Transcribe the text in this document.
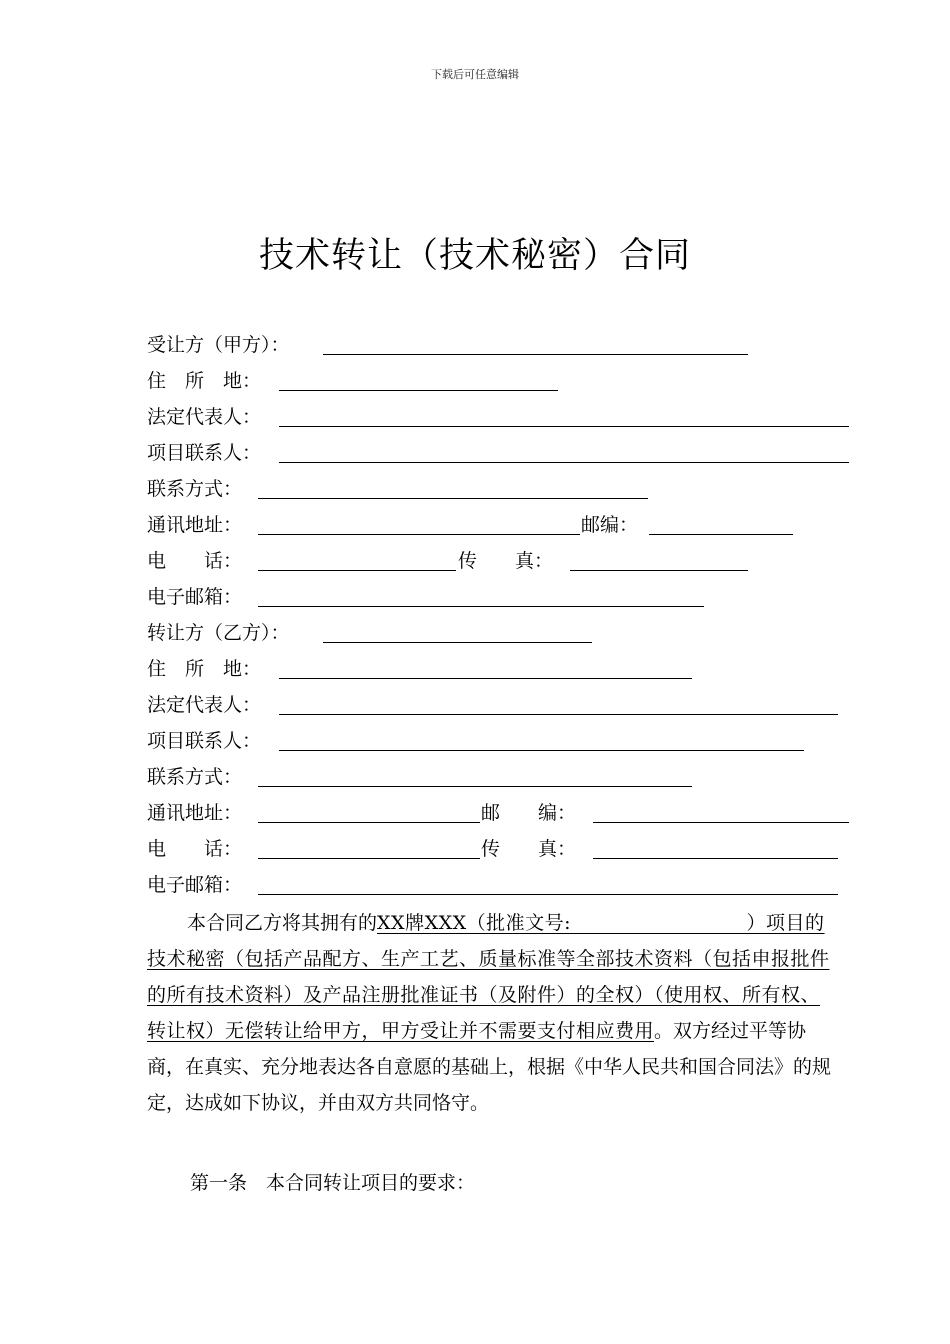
下载后可任意编辑
技术转让（技术秘密）合同
受让方（甲方）：
住　所　地：
法定代表人：
项目联系人：
联系方式：
通讯地址：	邮编：
电　　话：	传　　真：
电子邮箱：
转让方（乙方）：
住　所　地：
法定代表人：
项目联系人：
联系方式：
通讯地址：	邮　　编：
电　　话：	传　　真：
电子邮箱：
本合同乙方将其拥有的XX牌XXX（批准文号:　　　　　　　　　）项目的技术秘密（包括产品配方、生产工艺、质量标准等全部技术资料（包括申报批件的所有技术资料）及产品注册批准证书（及附件）的全权）（使用权、所有权、转让权）无偿转让给甲方，甲方受让并不需要支付相应费用。双方经过平等协商，在真实、充分地表达各自意愿的基础上，根据《中华人民共和国合同法》的规定，达成如下协议，并由双方共同恪守。
第一条　本合同转让项目的要求：
